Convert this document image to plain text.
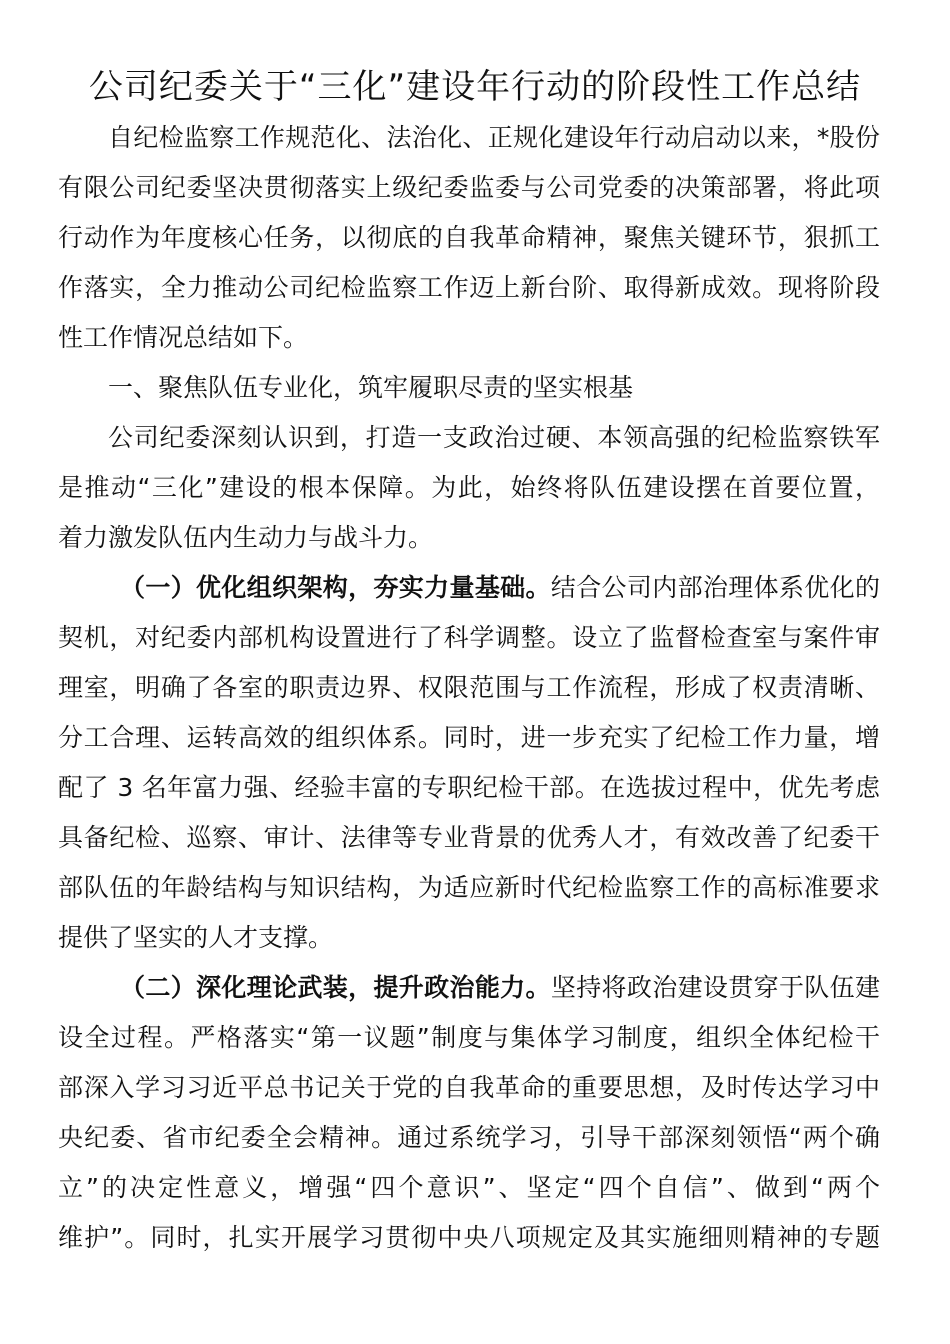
公司纪委关于“三化”建设年行动的阶段性工作总结
自纪检监察工作规范化、法治化、正规化建设年行动启动以来，*股份
有限公司纪委坚决贯彻落实上级纪委监委与公司党委的决策部署，将此项
行动作为年度核心任务，以彻底的自我革命精神，聚焦关键环节，狠抓工
作落实，全力推动公司纪检监察工作迈上新台阶、取得新成效。现将阶段
性工作情况总结如下。
一、聚焦队伍专业化，筑牢履职尽责的坚实根基
公司纪委深刻认识到，打造一支政治过硬、本领高强的纪检监察铁军
是推动“三化”建设的根本保障。为此，始终将队伍建设摆在首要位置，
着力激发队伍内生动力与战斗力。
（一）优化组织架构，夯实力量基础。结合公司内部治理体系优化的
契机，对纪委内部机构设置进行了科学调整。设立了监督检查室与案件审
理室，明确了各室的职责边界、权限范围与工作流程，形成了权责清晰、
分工合理、运转高效的组织体系。同时，进一步充实了纪检工作力量，增
配了 3 名年富力强、经验丰富的专职纪检干部。在选拔过程中，优先考虑
具备纪检、巡察、审计、法律等专业背景的优秀人才，有效改善了纪委干
部队伍的年龄结构与知识结构，为适应新时代纪检监察工作的高标准要求
提供了坚实的人才支撑。
（二）深化理论武装，提升政治能力。坚持将政治建设贯穿于队伍建
设全过程。严格落实“第一议题”制度与集体学习制度，组织全体纪检干
部深入学习习近平总书记关于党的自我革命的重要思想，及时传达学习中
央纪委、省市纪委全会精神。通过系统学习，引导干部深刻领悟“两个确
立”的决定性意义，增强“四个意识”、坚定“四个自信”、做到“两个
维护”。同时，扎实开展学习贯彻中央八项规定及其实施细则精神的专题
